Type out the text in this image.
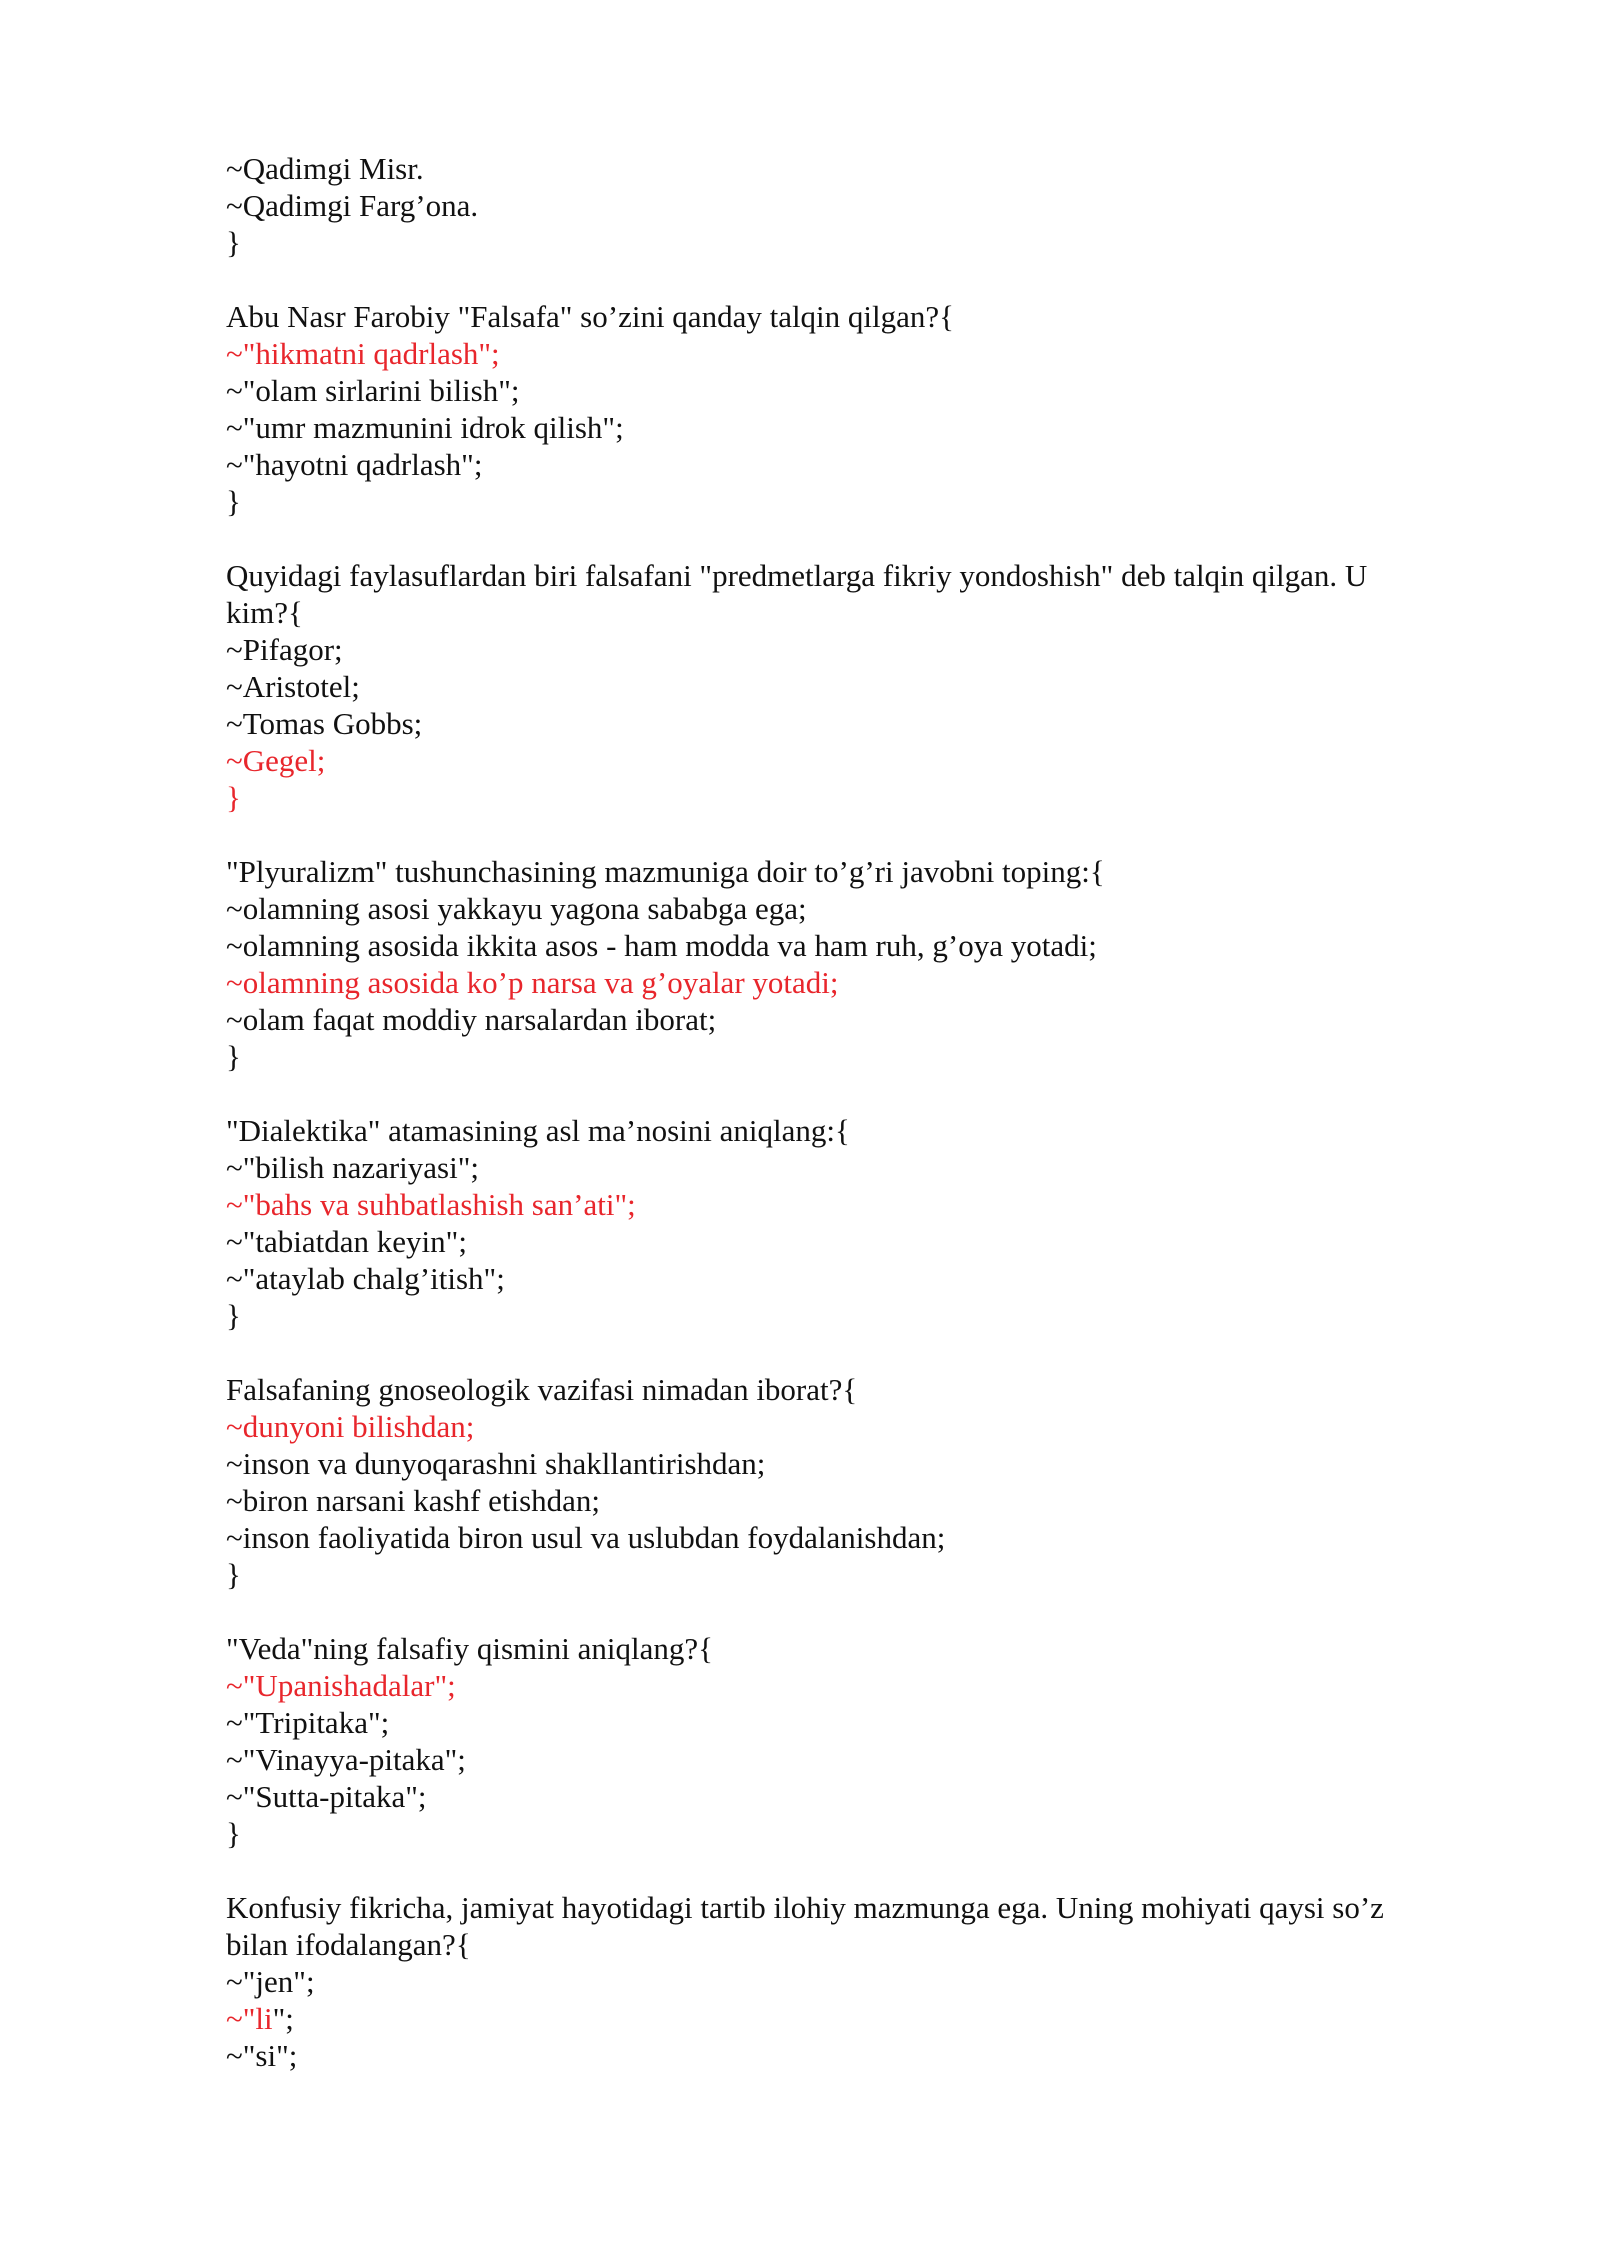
~Qadimgi Misr.
~Qadimgi Farg’ona.
}
Abu Nasr Farobiy "Falsafa" so’zini qanday talqin qilgan?{
~"hikmatni qadrlash";
~"olam sirlarini bilish";
~"umr mazmunini idrok qilish";
~"hayotni qadrlash";
}
Quyidagi faylasuflardan biri falsafani "predmetlarga fikriy yondoshish" deb talqin qilgan. U kim?{
~Pifagor;
~Aristotel;
~Tomas Gobbs;
~Gegel;
}
"Plyuralizm" tushunchasining mazmuniga doir to’g’ri javobni toping:{
~olamning asosi yakkayu yagona sababga ega;
~olamning asosida ikkita asos - ham modda va ham ruh, g’oya yotadi;
~olamning asosida ko’p narsa va g’oyalar yotadi;
~olam faqat moddiy narsalardan iborat;
}
"Dialektika" atamasining asl ma’nosini aniqlang:{
~"bilish nazariyasi";
~"bahs va suhbatlashish san’ati";
~"tabiatdan keyin";
~"ataylab chalg’itish";
}
Falsafaning gnoseologik vazifasi nimadan iborat?{
~dunyoni bilishdan;
~inson va dunyoqarashni shakllantirishdan;
~biron narsani kashf etishdan;
~inson faoliyatida biron usul va uslubdan foydalanishdan;
}
"Veda"ning falsafiy qismini aniqlang?{
~"Upanishadalar";
~"Tripitaka";
~"Vinayya-pitaka";
~"Sutta-pitaka";
}
Konfusiy fikricha, jamiyat hayotidagi tartib ilohiy mazmunga ega. Uning mohiyati qaysi so’z bilan ifodalangan?{
~"jen";
~"li";
~"si";
